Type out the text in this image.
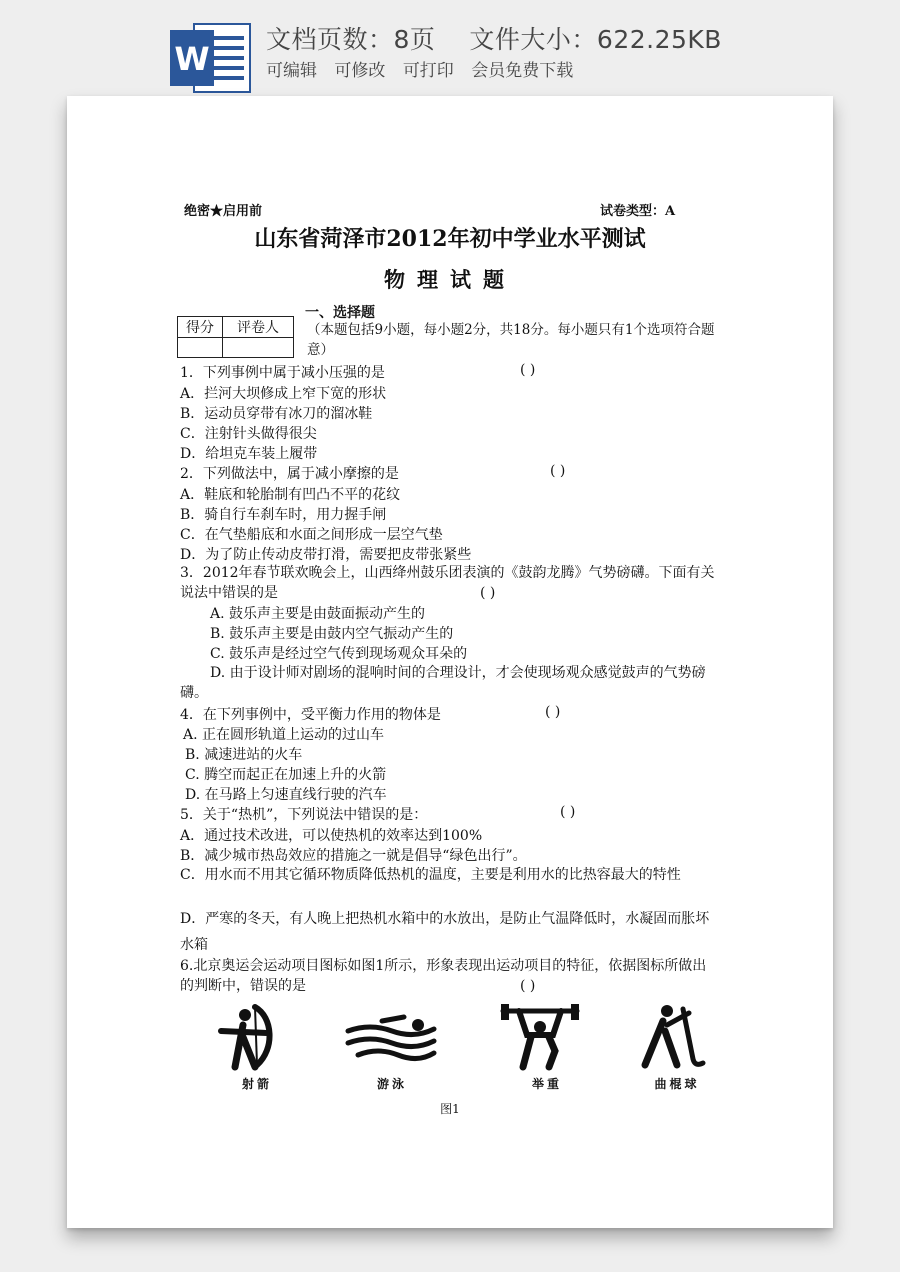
W
文档页数：8页 文件大小：622.25KB
可编辑 可修改 可打印 会员免费下载
绝密★启用前	试卷类型：A
山东省菏泽市2012年初中学业水平测试
物理试题
得分	评卷人

一、选择题
（本题包括9小题，每小题2分，共18分。每小题只有1个选项符合题意）
1．下列事例中属于减小压强的是	( )
A．拦河大坝修成上窄下宽的形状
B．运动员穿带有冰刀的溜冰鞋
C．注射针头做得很尖
D．给坦克车装上履带
2．下列做法中，属于减小摩擦的是	( )
A．鞋底和轮胎制有凹凸不平的花纹
B．骑自行车刹车时，用力握手闸
C．在气垫船底和水面之间形成一层空气垫
D．为了防止传动皮带打滑，需要把皮带张紧些
3．2012年春节联欢晚会上，山西绛州鼓乐团表演的《鼓韵龙腾》气势磅礴。下面有关说法中错误的是	( )
A. 鼓乐声主要是由鼓面振动产生的
B. 鼓乐声主要是由鼓内空气振动产生的
C. 鼓乐声是经过空气传到现场观众耳朵的
D. 由于设计师对剧场的混响时间的合理设计，才会使现场观众感觉鼓声的气势磅礴。
4．在下列事例中，受平衡力作用的物体是	( )
A. 正在圆形轨道上运动的过山车
B. 减速进站的火车
C. 腾空而起正在加速上升的火箭
D. 在马路上匀速直线行驶的汽车
5．关于“热机”，下列说法中错误的是：	( )
A．通过技术改进，可以使热机的效率达到100%
B．减少城市热岛效应的措施之一就是倡导“绿色出行”。
C．用水而不用其它循环物质降低热机的温度，主要是利用水的比热容最大的特性
D．严寒的冬天，有人晚上把热机水箱中的水放出，是防止气温降低时，水凝固而胀坏水箱
6.北京奥运会运动项目图标如图1所示，形象表现出运动项目的特征，依据图标所做出的判断中，错误的是	( )
射箭	游泳	举重	曲棍球
图1
